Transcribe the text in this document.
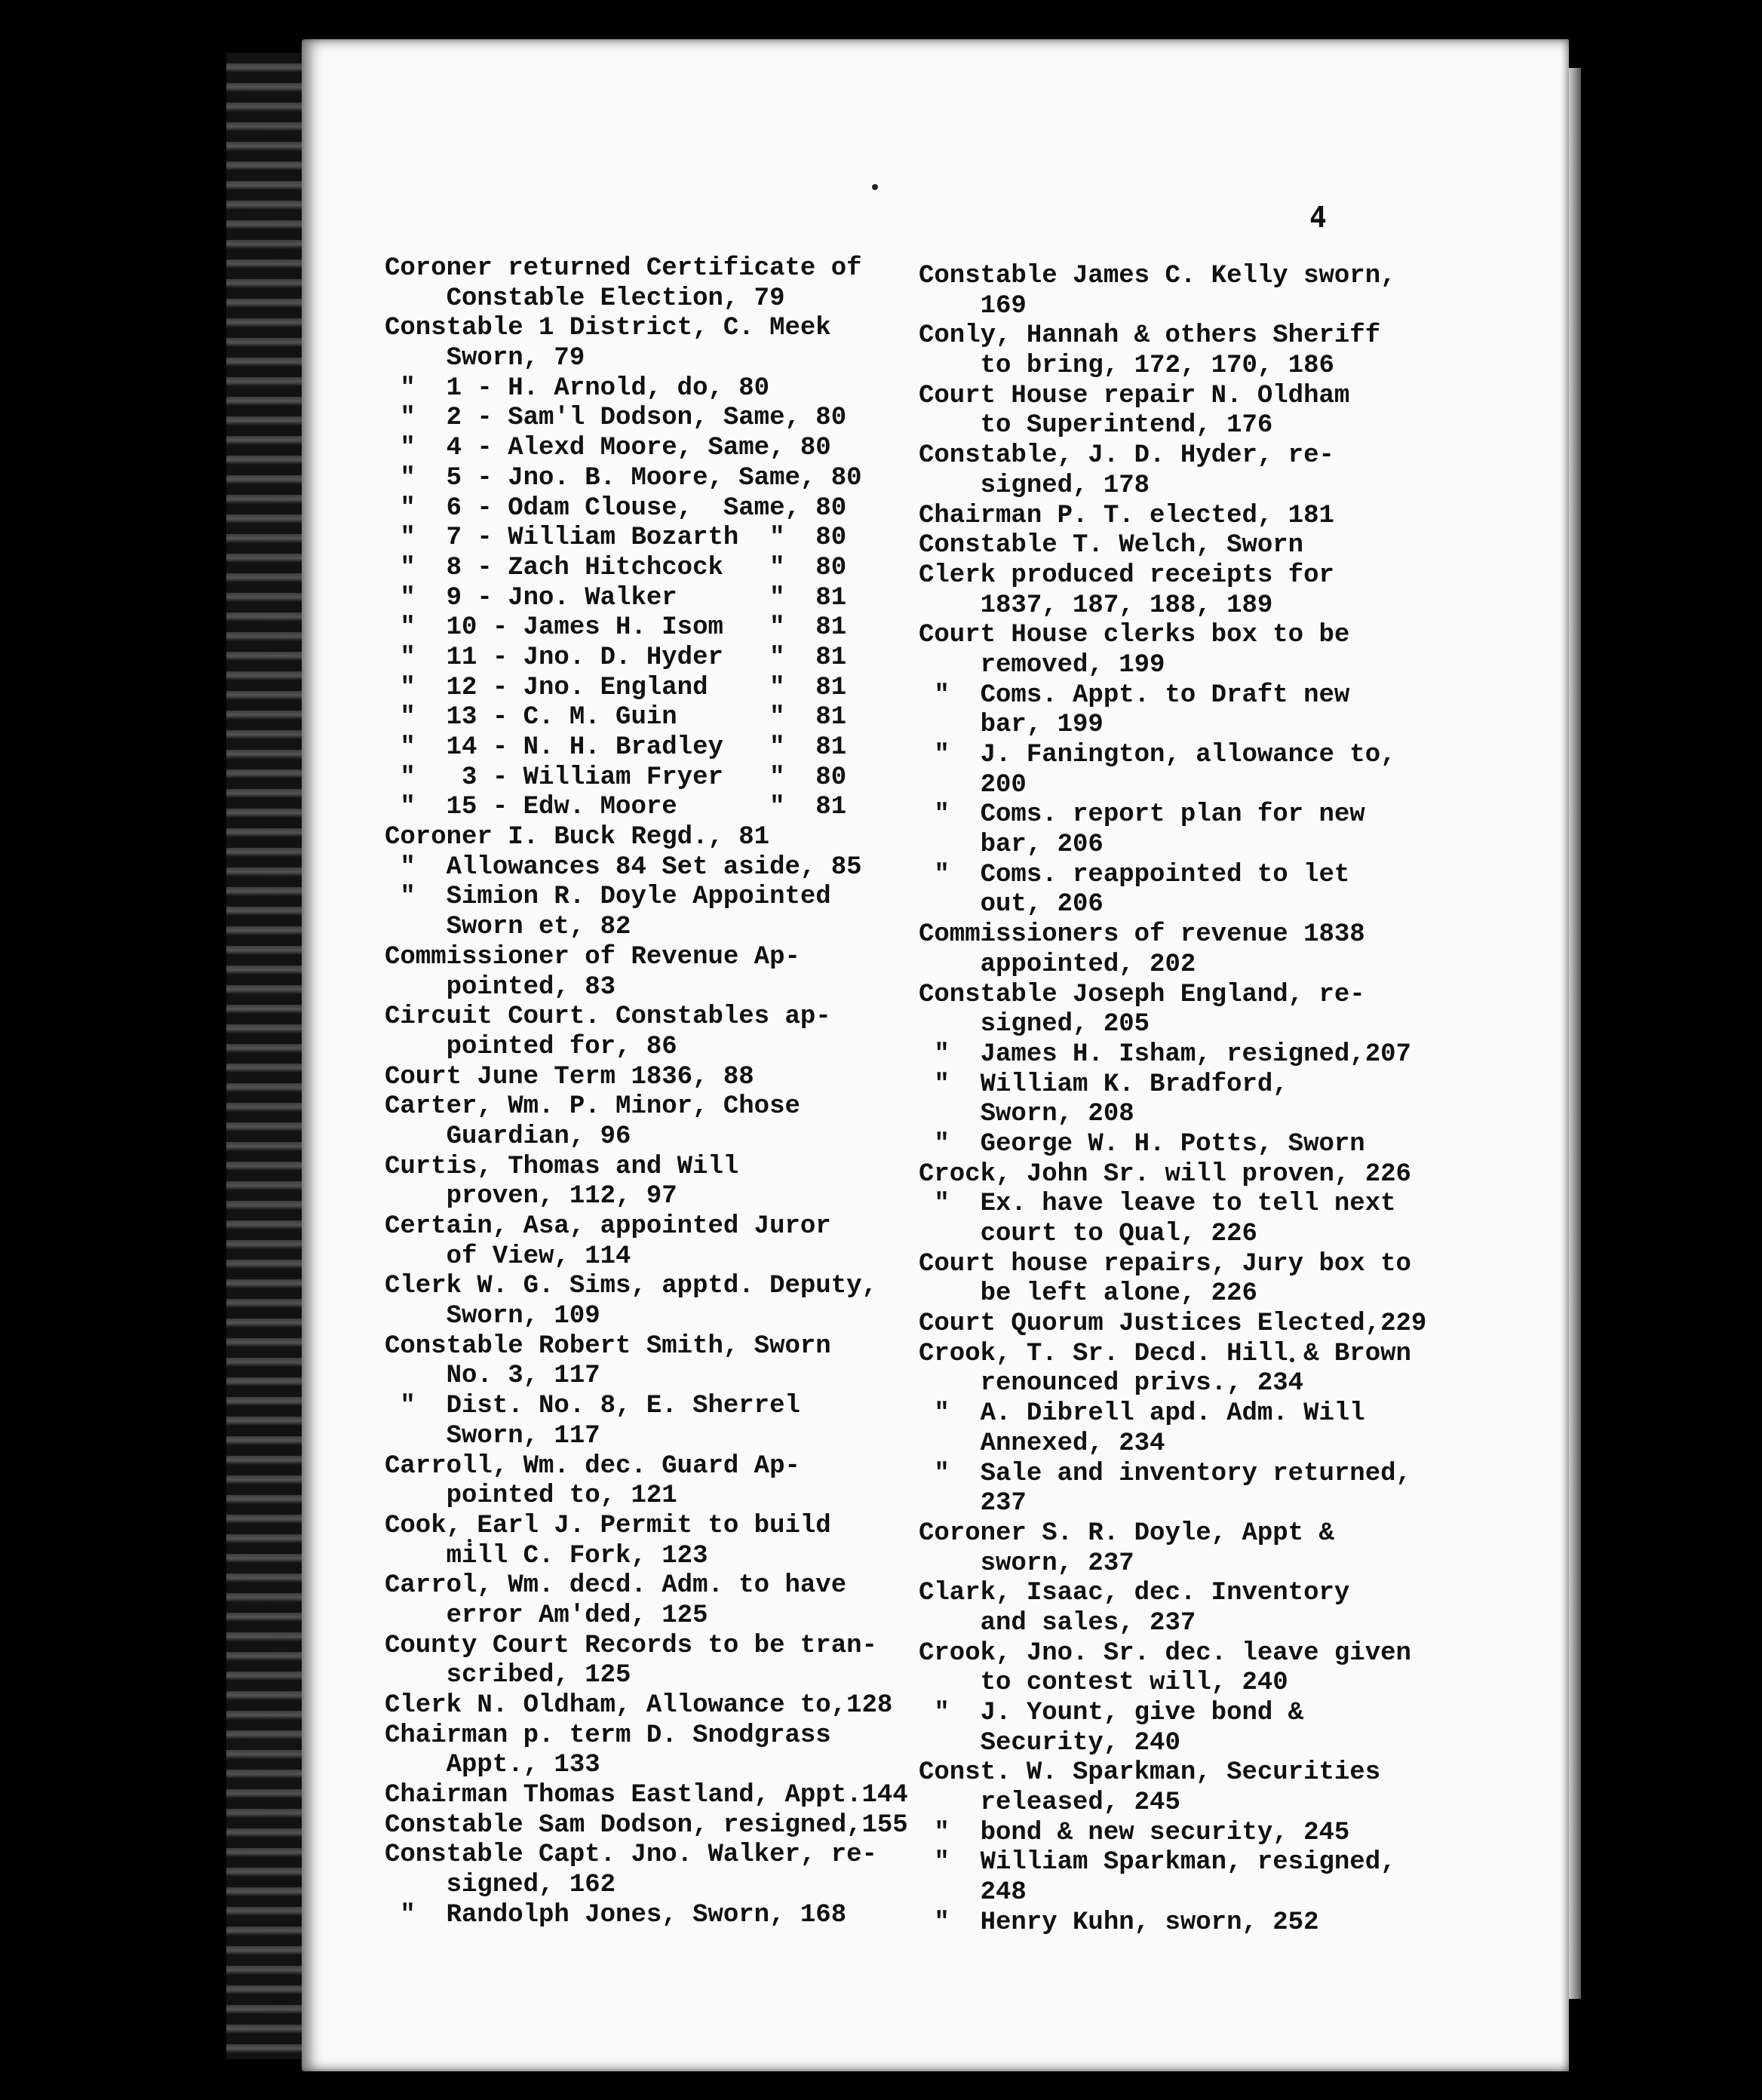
4
Coroner returned Certificate of
Constable Election, 79
Constable 1 District, C. Meek
Sworn, 79
"  1 - H. Arnold, do, 80
"  2 - Sam'l Dodson, Same, 80
"  4 - Alexd Moore, Same, 80
"  5 - Jno. B. Moore, Same, 80
"  6 - Odam Clouse,  Same, 80
"  7 - William Bozarth  "  80
"  8 - Zach Hitchcock   "  80
"  9 - Jno. Walker      "  81
"  10 - James H. Isom   "  81
"  11 - Jno. D. Hyder   "  81
"  12 - Jno. England    "  81
"  13 - C. M. Guin      "  81
"  14 - N. H. Bradley   "  81
"   3 - William Fryer   "  80
"  15 - Edw. Moore      "  81
Coroner I. Buck Regd., 81
"  Allowances 84 Set aside, 85
"  Simion R. Doyle Appointed
Sworn et, 82
Commissioner of Revenue Ap-
pointed, 83
Circuit Court. Constables ap-
pointed for, 86
Court June Term 1836, 88
Carter, Wm. P. Minor, Chose
Guardian, 96
Curtis, Thomas and Will
proven, 112, 97
Certain, Asa, appointed Juror
of View, 114
Clerk W. G. Sims, apptd. Deputy,
Sworn, 109
Constable Robert Smith, Sworn
No. 3, 117
"  Dist. No. 8, E. Sherrel
Sworn, 117
Carroll, Wm. dec. Guard Ap-
pointed to, 121
Cook, Earl J. Permit to build
mill C. Fork, 123
Carrol, Wm. decd. Adm. to have
error Am'ded, 125
County Court Records to be tran-
scribed, 125
Clerk N. Oldham, Allowance to,128
Chairman p. term D. Snodgrass
Appt., 133
Chairman Thomas Eastland, Appt.144
Constable Sam Dodson, resigned,155
Constable Capt. Jno. Walker, re-
signed, 162
"  Randolph Jones, Sworn, 168
Constable James C. Kelly sworn,
169
Conly, Hannah & others Sheriff
to bring, 172, 170, 186
Court House repair N. Oldham
to Superintend, 176
Constable, J. D. Hyder, re-
signed, 178
Chairman P. T. elected, 181
Constable T. Welch, Sworn
Clerk produced receipts for
1837, 187, 188, 189
Court House clerks box to be
removed, 199
"  Coms. Appt. to Draft new
bar, 199
"  J. Fanington, allowance to,
200
"  Coms. report plan for new
bar, 206
"  Coms. reappointed to let
out, 206
Commissioners of revenue 1838
appointed, 202
Constable Joseph England, re-
signed, 205
"  James H. Isham, resigned,207
"  William K. Bradford,
Sworn, 208
"  George W. H. Potts, Sworn
Crock, John Sr. will proven, 226
"  Ex. have leave to tell next
court to Qual, 226
Court house repairs, Jury box to
be left alone, 226
Court Quorum Justices Elected,229
Crook, T. Sr. Decd. Hill & Brown
renounced privs., 234
"  A. Dibrell apd. Adm. Will
Annexed, 234
"  Sale and inventory returned,
237
Coroner S. R. Doyle, Appt &
sworn, 237
Clark, Isaac, dec. Inventory
and sales, 237
Crook, Jno. Sr. dec. leave given
to contest will, 240
"  J. Yount, give bond &
Security, 240
Const. W. Sparkman, Securities
released, 245
"  bond & new security, 245
"  William Sparkman, resigned,
248
"  Henry Kuhn, sworn, 252
